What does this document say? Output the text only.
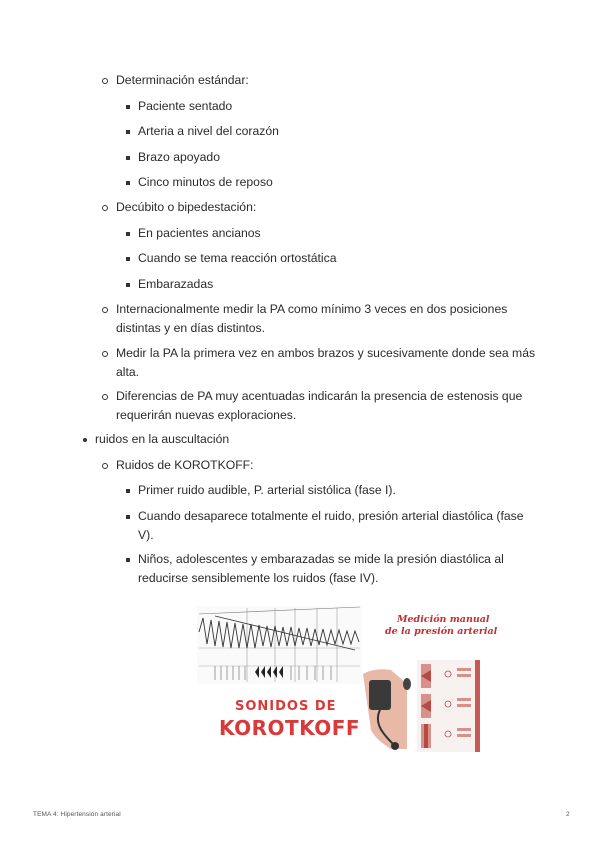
Determinación estándar:
Paciente sentado
Arteria a nivel del corazón
Brazo apoyado
Cinco minutos de reposo
Decúbito o bipedestación:
En pacientes ancianos
Cuando se tema reacción ortostática
Embarazadas
Internacionalmente medir la PA como mínimo 3 veces en dos posiciones distintas y en días distintos.
Medir la PA la primera vez en ambos brazos y sucesivamente donde sea más alta.
Diferencias de PA muy acentuadas indicarán la presencia de estenosis que requerirán nuevas exploraciones.
ruidos en la auscultación
Ruidos de KOROTKOFF:
Primer ruido audible, P. arterial sistólica (fase I).
Cuando desaparece totalmente el ruido, presión arterial diastólica (fase V).
Niños, adolescentes y embarazadas se mide la presión diastólica al reducirse sensiblemente los ruidos (fase IV).
SONIDOS DE
KOROTKOFF
Medición manual
de la presión arterial
TEMA 4: Hipertensión arterial	2
